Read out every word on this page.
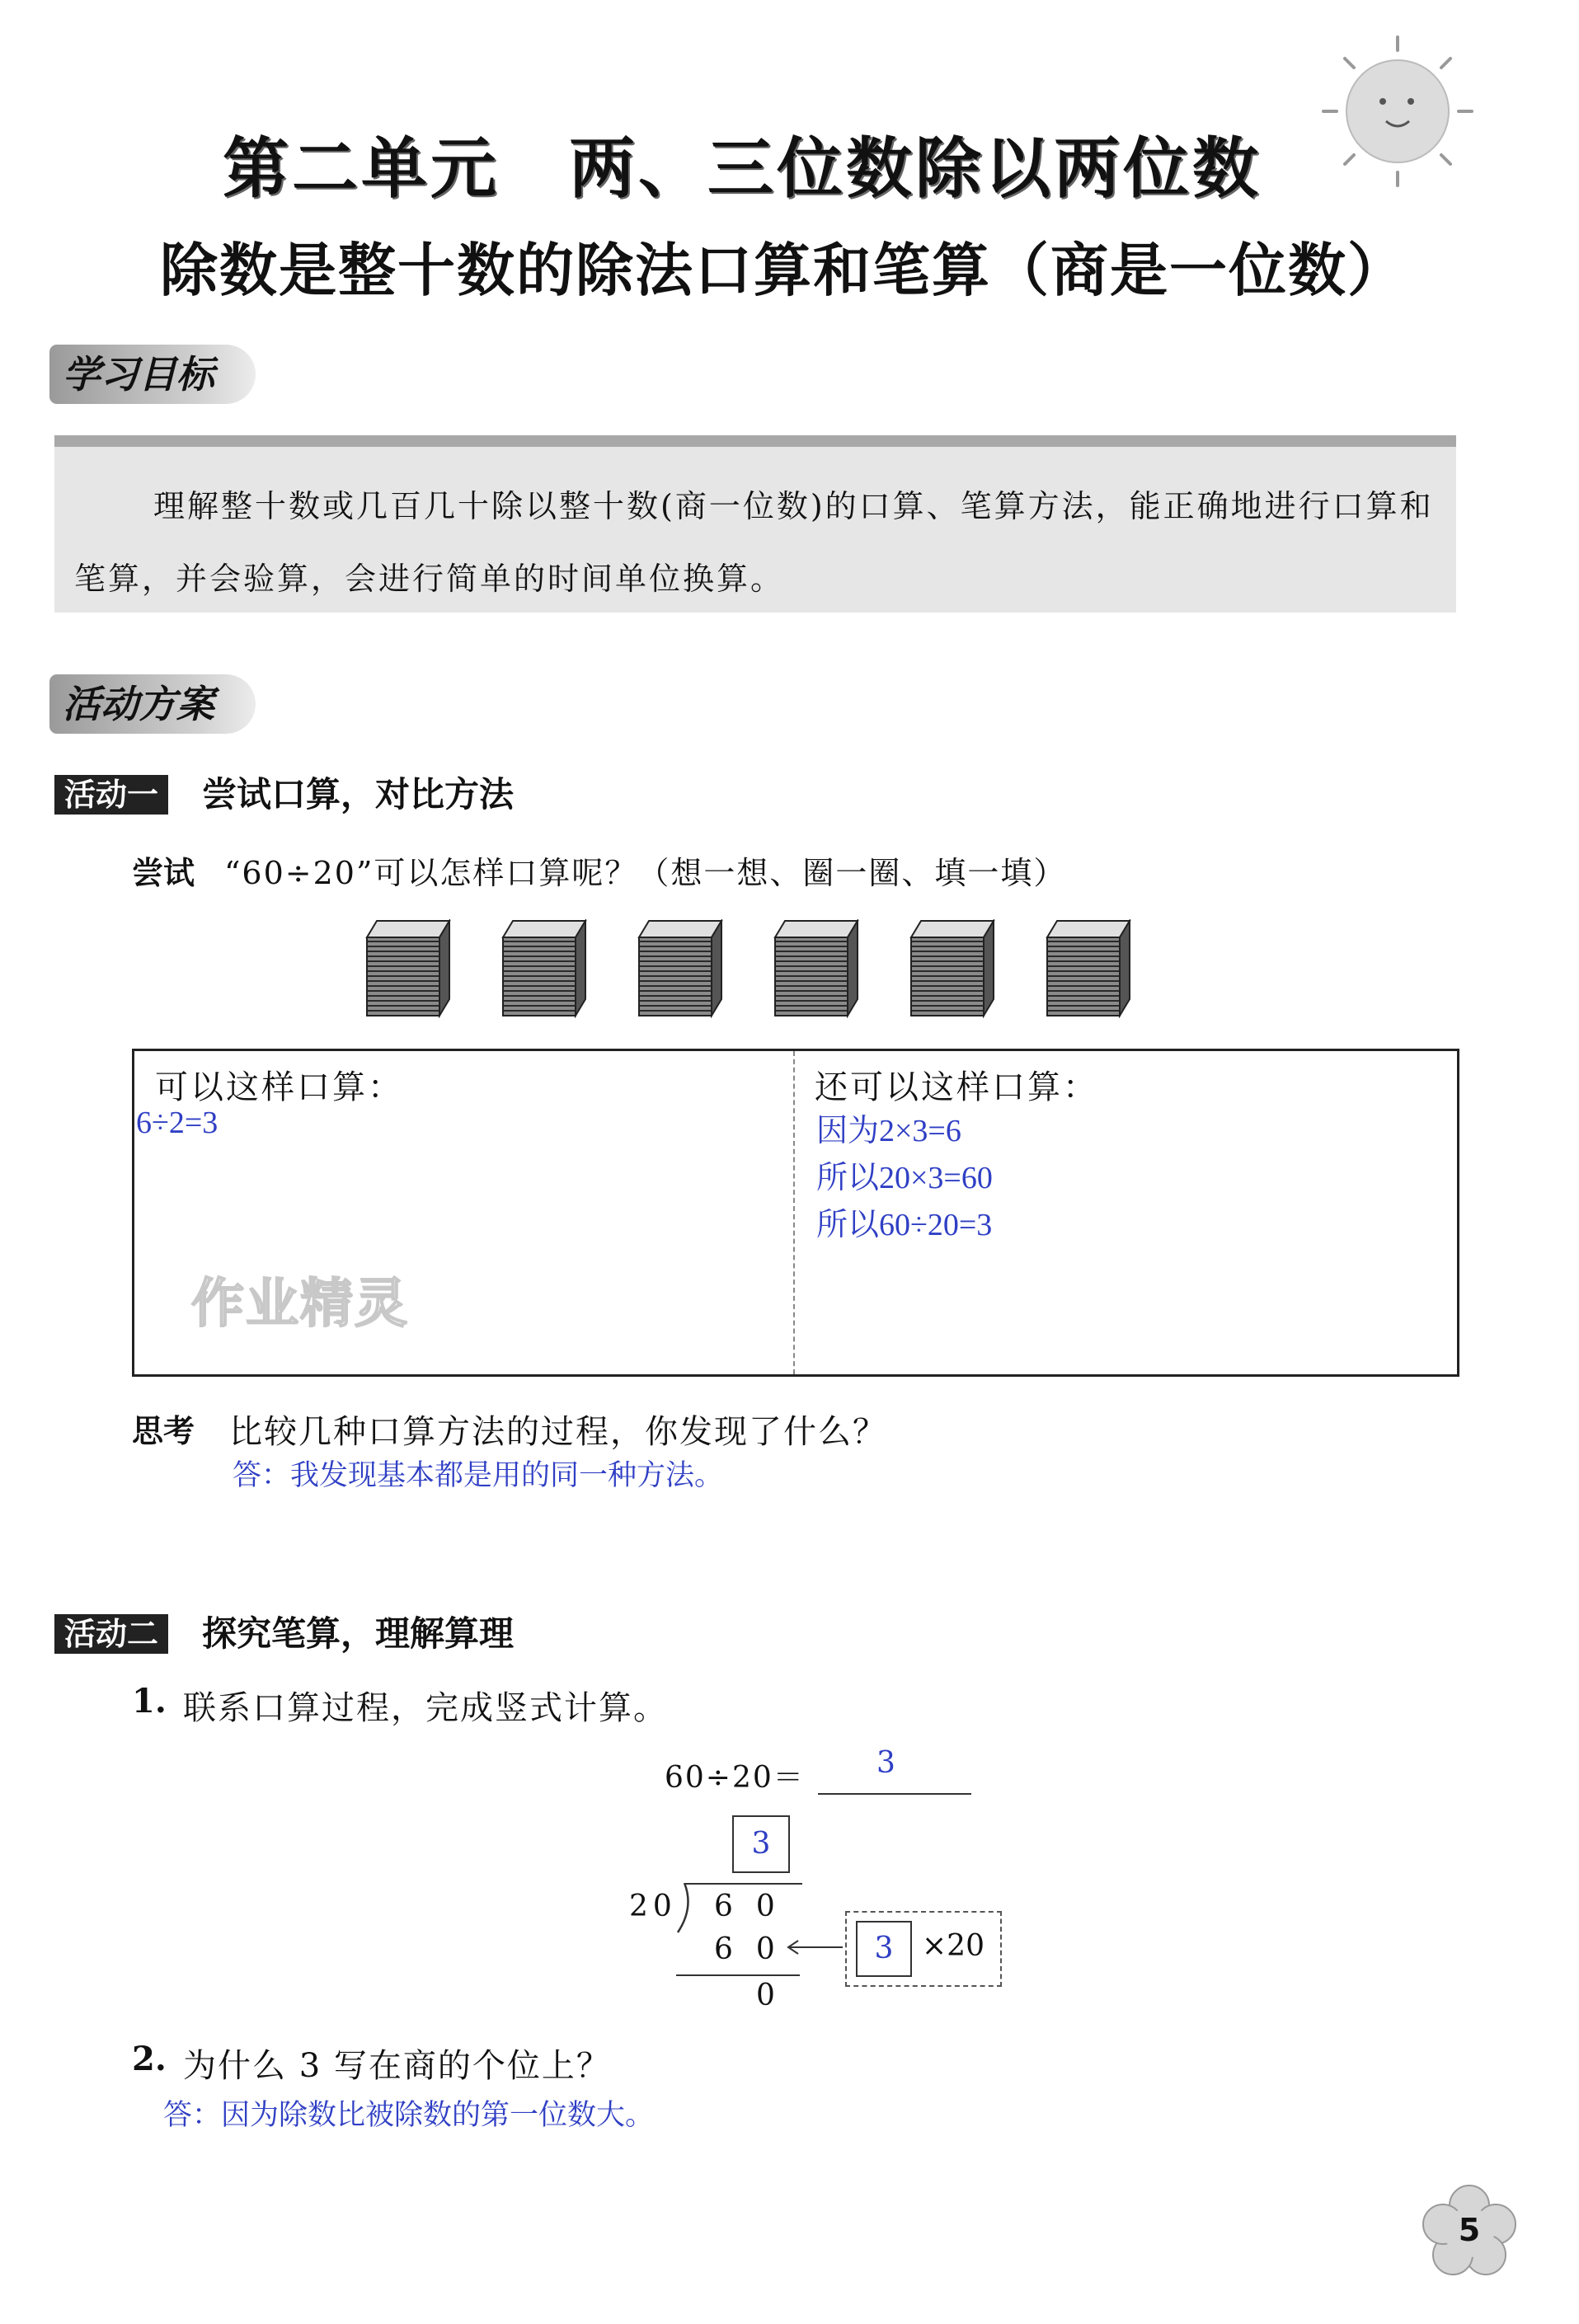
第二单元　两、三位数除以两位数
除数是整十数的除法口算和笔算（商是一位数）
学习目标
理解整十数或几百几十除以整十数(商一位数)的口算、笔算方法，能正确地进行口算和笔算，并会验算，会进行简单的时间单位换算。
活动方案
活动一 尝试口算，对比方法
尝试 “60÷20”可以怎样口算呢？（想一想、圈一圈、填一填）
可以这样口算：	还可以这样口算：
6÷2=3	因为2×3=6
所以20×3=60
所以60÷20=3
作业精灵
思考 比较几种口算方法的过程，你发现了什么？
答：我发现基本都是用的同一种方法。
活动二 探究笔算，理解算理
1. 联系口算过程，完成竖式计算。
60÷20＝ 3
3
20 60
60
0
3 ×20
2. 为什么 3 写在商的个位上？
答：因为除数比被除数的第一位数大。
5
